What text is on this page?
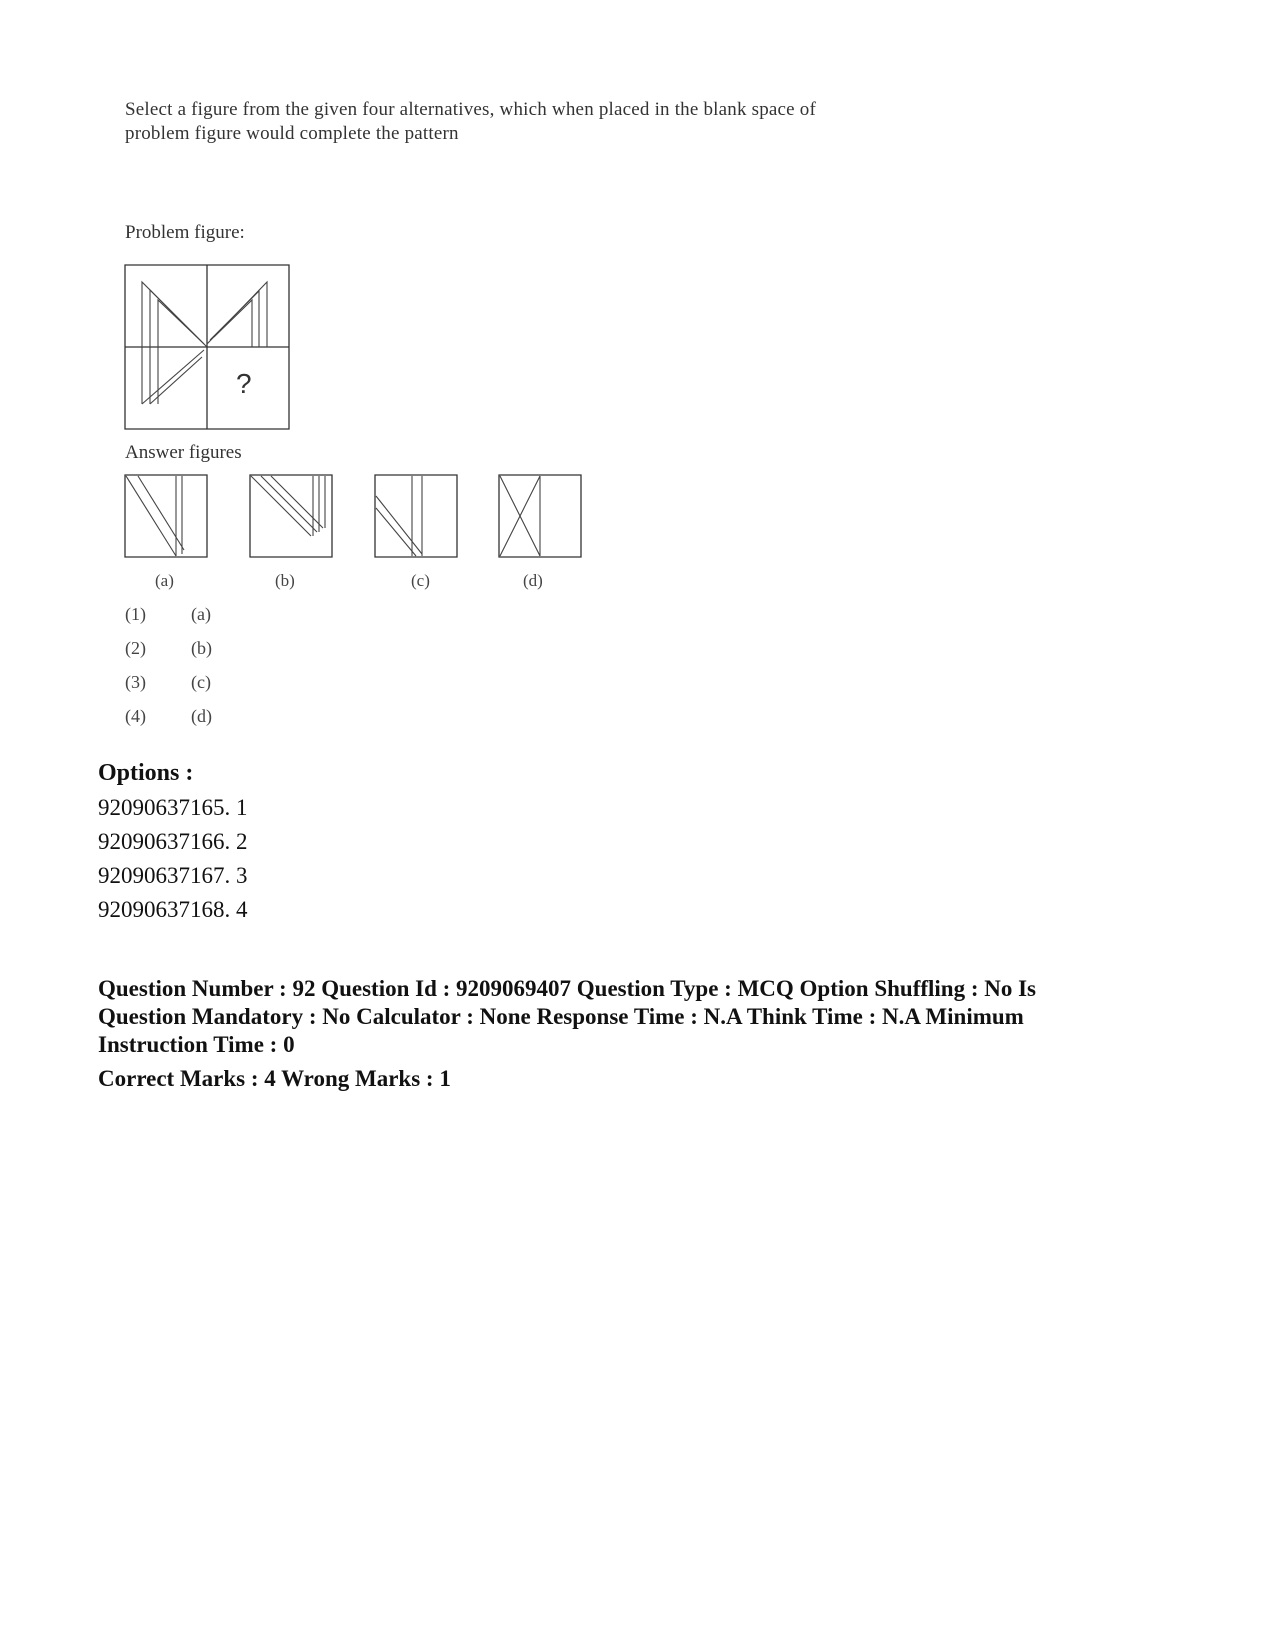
Select a figure from the given four alternatives, which when placed in the blank space of
problem figure would complete the pattern
Problem figure:
?
Answer figures
(a)	(b)	(c)	(d)
(1)	(a)
(2)	(b)
(3)	(c)
(4)	(d)
Options :
92090637165. 1
92090637166. 2
92090637167. 3
92090637168. 4
Question Number : 92 Question Id : 9209069407 Question Type : MCQ Option Shuffling : No Is
Question Mandatory : No Calculator : None Response Time : N.A Think Time : N.A Minimum
Instruction Time : 0
Correct Marks : 4 Wrong Marks : 1
